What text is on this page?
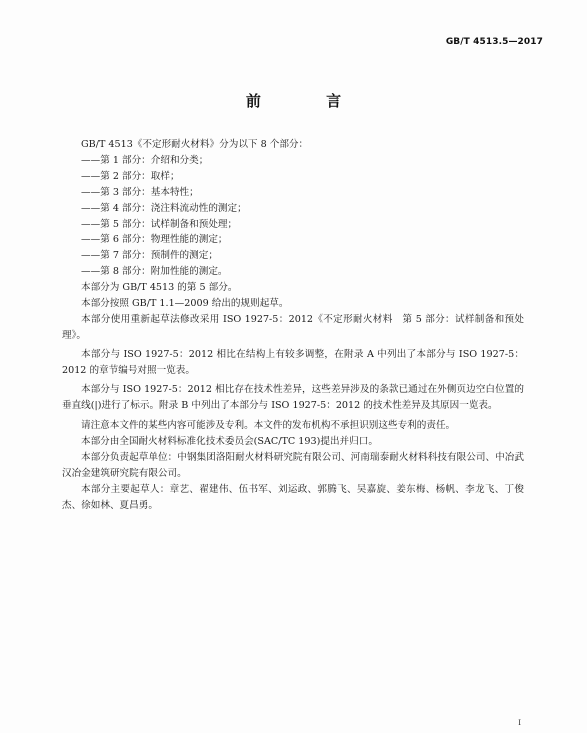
GB/T 4513.5—2017
前 言

GB/T 4513《不定形耐火材料》分为以下 8 个部分：

——第 1 部分：介绍和分类；

——第 2 部分：取样；

——第 3 部分：基本特性；

——第 4 部分：浇注料流动性的测定；

——第 5 部分：试样制备和预处理；

——第 6 部分：物理性能的测定；

——第 7 部分：预制件的测定；

——第 8 部分：附加性能的测定。

本部分为 GB/T 4513 的第 5 部分。

本部分按照 GB/T 1.1—2009 给出的规则起草。

本部分使用重新起草法修改采用 ISO 1927-5：2012《不定形耐火材料　第 5 部分：试样制备和预处理》。

本部分与 ISO 1927-5：2012 相比在结构上有较多调整，在附录 A 中列出了本部分与 ISO 1927-5：2012 的章节编号对照一览表。

本部分与 ISO 1927-5：2012 相比存在技术性差异，这些差异涉及的条款已通过在外侧页边空白位置的垂直线(|)进行了标示。附录 B 中列出了本部分与 ISO 1927-5：2012 的技术性差异及其原因一览表。

请注意本文件的某些内容可能涉及专利。本文件的发布机构不承担识别这些专利的责任。

本部分由全国耐火材料标准化技术委员会(SAC/TC 193)提出并归口。

本部分负责起草单位：中钢集团洛阳耐火材料研究院有限公司、河南瑞泰耐火材料科技有限公司、中冶武汉冶金建筑研究院有限公司。

本部分主要起草人：章艺、翟建伟、伍书军、刘运政、郭腾飞、吴嘉旋、姜东梅、杨帆、李龙飞、丁俊杰、徐如林、夏昌勇。

I
